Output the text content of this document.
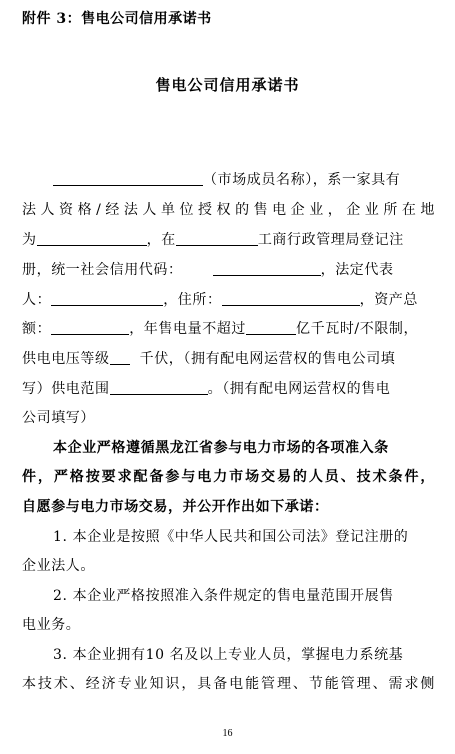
附件 3：售电公司信用承诺书
售电公司信用承诺书
（市场成员名称），系一家具有
法人资格/经法人单位授权的售电企业，企业所在地
为	，在	工商行政管理局登记注
册，统一社会信用代码：	，法定代表
人：	，住所：	，资产总
额：	，年售电量不超过	亿千瓦时/不限制，
供电电压等级 千伏，（拥有配电网运营权的售电公司填
写）供电范围	。（拥有配电网运营权的售电
公司填写）
本企业严格遵循黑龙江省参与电力市场的各项准入条
件，严格按要求配备参与电力市场交易的人员、技术条件，
自愿参与电力市场交易，并公开作出如下承诺：
1. 本企业是按照《中华人民共和国公司法》登记注册的
企业法人。
2. 本企业严格按照准入条件规定的售电量范围开展售
电业务。
3. 本企业拥有10 名及以上专业人员，掌握电力系统基
本技术、经济专业知识，具备电能管理、节能管理、需求侧
16
